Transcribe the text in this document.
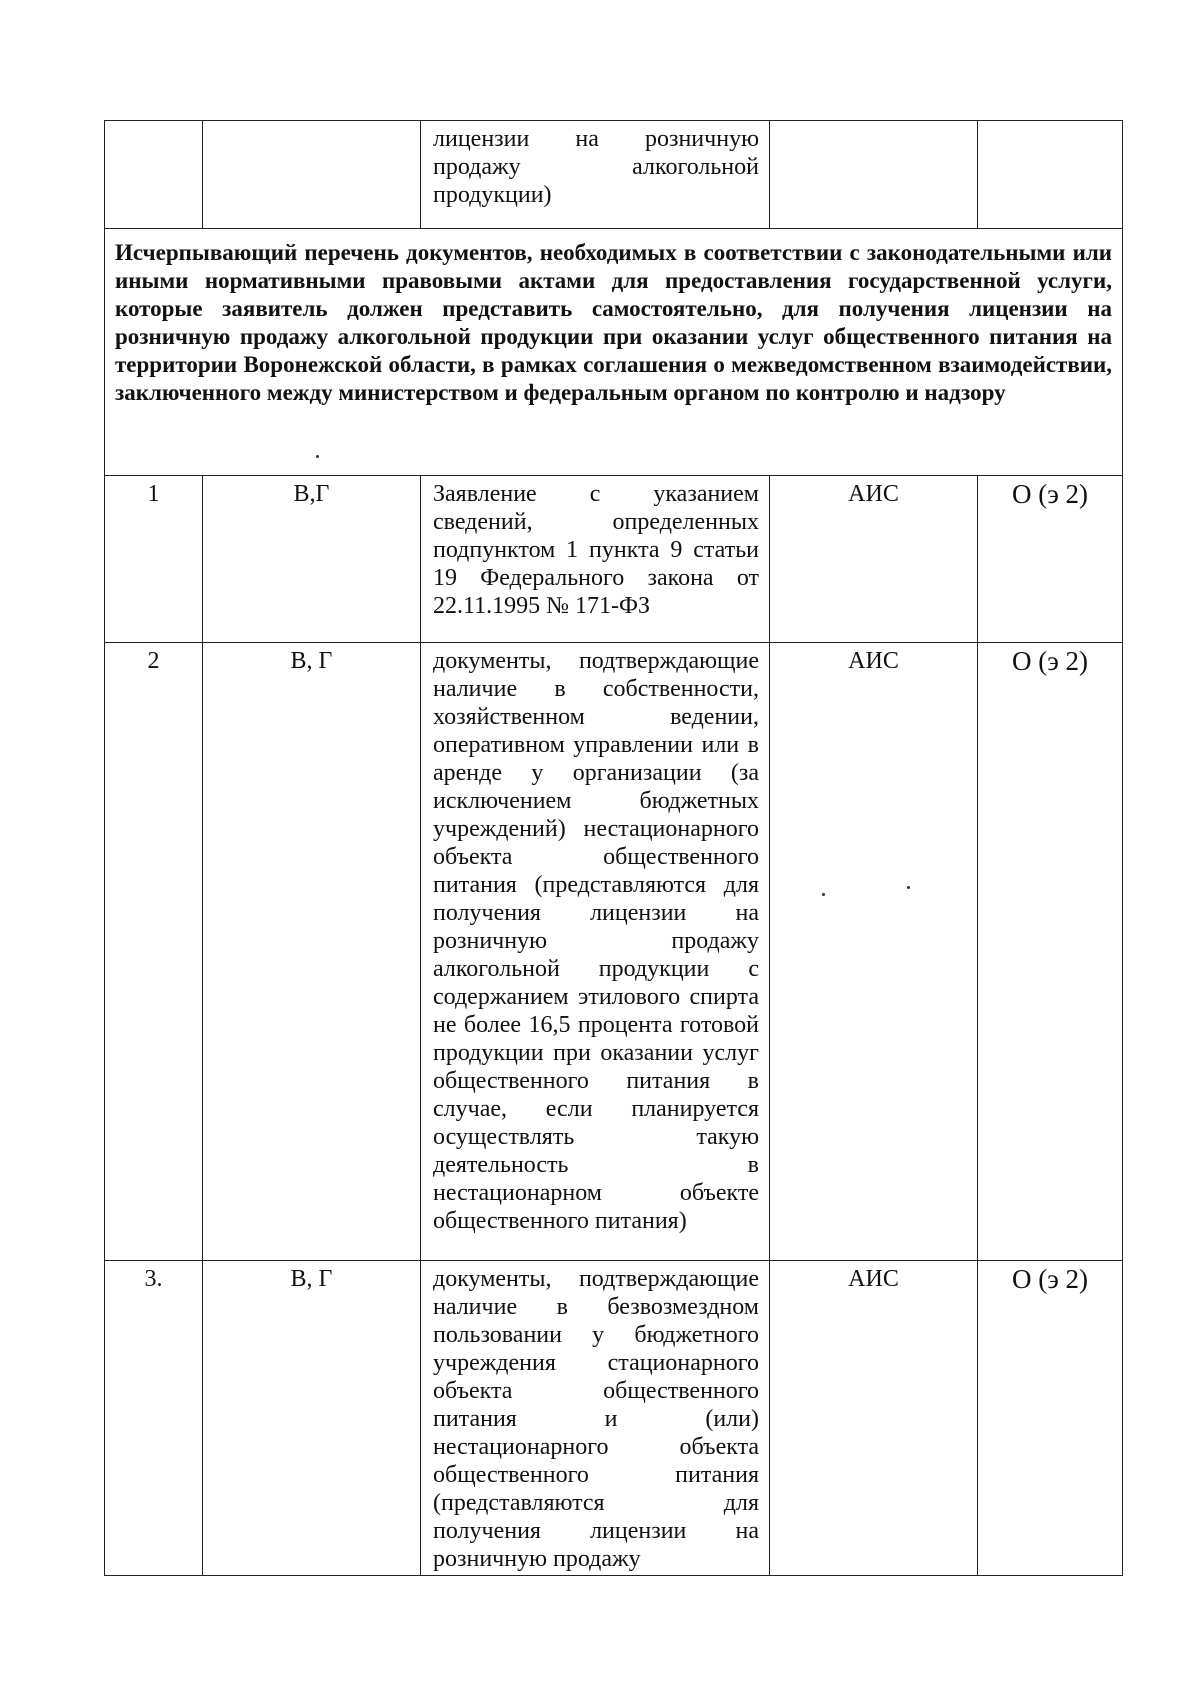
		лицензии на розничную продажу алкогольной продукции)		
Исчерпывающий перечень документов, необходимых в соответствии с законодательными или иными нормативными правовыми актами для предоставления государственной услуги, которые заявитель должен представить самостоятельно, для получения лицензии на розничную продажу алкогольной продукции при оказании услуг общественного питания на территории Воронежской области, в рамках соглашения о межведомственном взаимодействии, заключенного между министерством и федеральным органом по контролю и надзору				
1	В,Г	Заявление с указанием сведений, определенных подпунктом 1 пункта 9 статьи 19 Федерального закона от 22.11.1995 № 171-ФЗ	АИС	О (э 2)
2	В, Г	документы, подтверждающие наличие в собственности, хозяйственном ведении, оперативном управлении или в аренде у организации (за исключением бюджетных учреждений) нестационарного объекта общественного питания (представляются для получения лицензии на розничную продажу алкогольной продукции с содержанием этилового спирта не более 16,5 процента готовой продукции при оказании услуг общественного питания в случае, если планируется осуществлять такую деятельность в нестационарном объекте общественного питания)	АИС	О (э 2)
3.	В, Г	документы, подтверждающие наличие в безвозмездном пользовании у бюджетного учреждения стационарного объекта общественного питания и (или) нестационарного объекта общественного питания (представляются для получения лицензии на розничную продажу	АИС	О (э 2)
